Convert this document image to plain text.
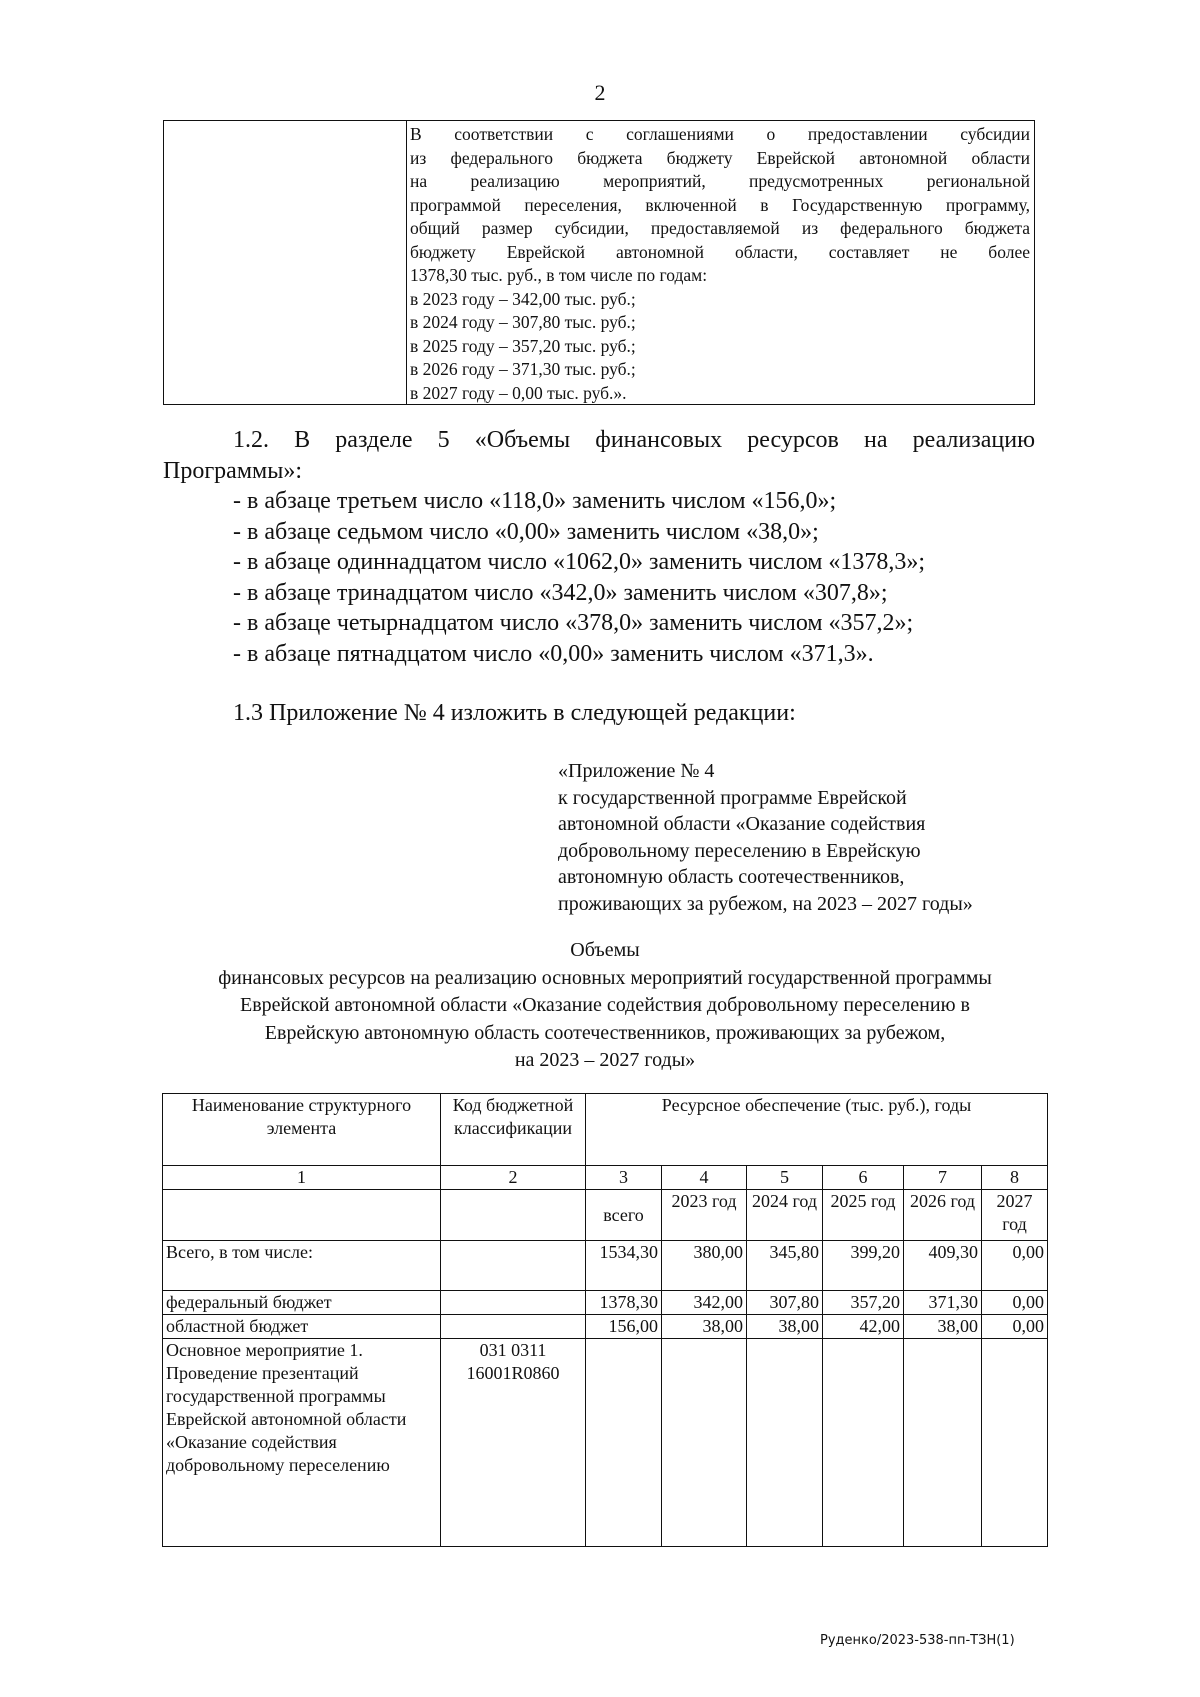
2
В соответствии с соглашениями о предоставлении субсидии
из федерального бюджета бюджету Еврейской автономной области
на реализацию мероприятий, предусмотренных региональной
программой переселения, включенной в Государственную программу,
общий размер субсидии, предоставляемой из федерального бюджета
бюджету Еврейской автономной области, составляет не более
1378,30 тыс. руб., в том числе по годам:
в 2023 году – 342,00 тыс. руб.;
в 2024 году – 307,80 тыс. руб.;
в 2025 году – 357,20 тыс. руб.;
в 2026 году – 371,30 тыс. руб.;
в 2027 году – 0,00 тыс. руб.».
1.2. В разделе 5 «Объемы финансовых ресурсов на реализацию
Программы»:
- в абзаце третьем число «118,0» заменить числом «156,0»;
- в абзаце седьмом число «0,00» заменить числом «38,0»;
- в абзаце одиннадцатом число «1062,0» заменить числом «1378,3»;
- в абзаце тринадцатом число «342,0» заменить числом «307,8»;
- в абзаце четырнадцатом число «378,0» заменить числом «357,2»;
- в абзаце пятнадцатом число «0,00» заменить числом «371,3».
1.3 Приложение № 4 изложить в следующей редакции:
«Приложение № 4
к государственной программе Еврейской
автономной области «Оказание содействия
добровольному переселению в Еврейскую
автономную область соотечественников,
проживающих за рубежом, на 2023 – 2027 годы»
Объемы
финансовых ресурсов на реализацию основных мероприятий государственной программы
Еврейской автономной области «Оказание содействия добровольному переселению в
Еврейскую автономную область соотечественников, проживающих за рубежом,
на 2023 – 2027 годы»
Наименование структурного элемента	Код бюджетной классификации	Ресурсное обеспечение (тыс. руб.), годы					
1	2	3	4	5	6	7	8
		всего	2023 год	2024 год	2025 год	2026 год	2027 год
Всего, в том числе:		1534,30	380,00	345,80	399,20	409,30	0,00
федеральный бюджет		1378,30	342,00	307,80	357,20	371,30	0,00
областной бюджет		156,00	38,00	38,00	42,00	38,00	0,00
Основное мероприятие 1. Проведение презентаций государственной программы Еврейской автономной области «Оказание содействия добровольному переселению	031 0311 16001R0860						
Руденко/2023-538-пп-ТЗН(1)
